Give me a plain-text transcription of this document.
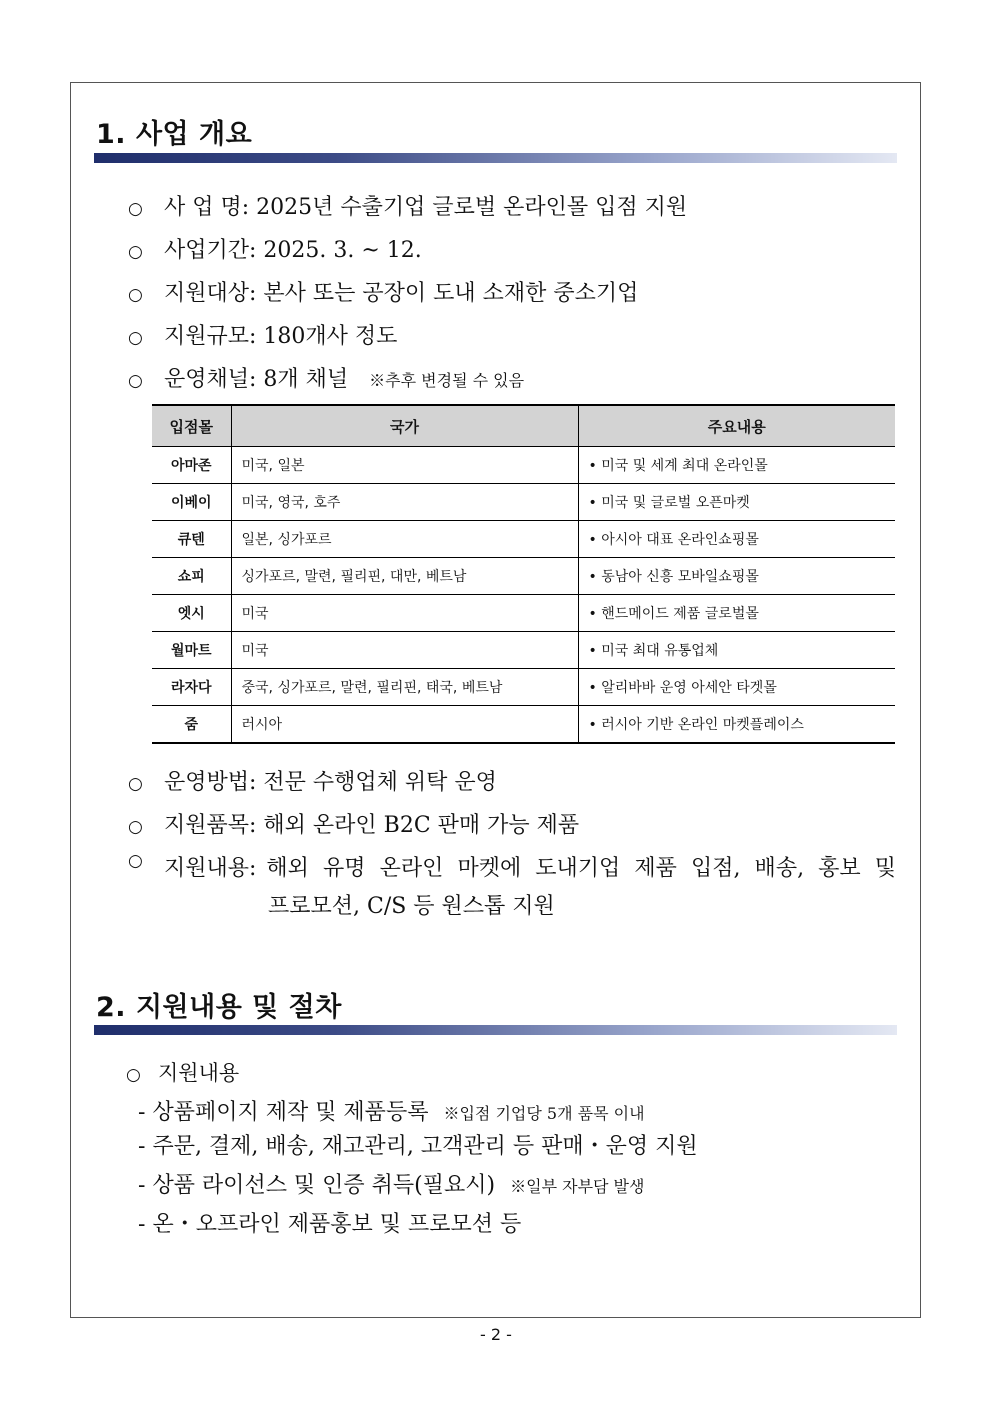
1. 사업 개요
○ 사 업 명: 2025년 수출기업 글로벌 온라인몰 입점 지원
○ 사업기간: 2025. 3. ~ 12.
○ 지원대상: 본사 또는 공장이 도내 소재한 중소기업
○ 지원규모: 180개사 정도
○ 운영채널: 8개 채널 ※추후 변경될 수 있음
입점몰	국가	주요내용
아마존	미국, 일본	• 미국 및 세계 최대 온라인몰
이베이	미국, 영국, 호주	• 미국 및 글로벌 오픈마켓
큐텐	일본, 싱가포르	• 아시아 대표 온라인쇼핑몰
쇼피	싱가포르, 말련, 필리핀, 대만, 베트남	• 동남아 신흥 모바일쇼핑몰
엣시	미국	• 핸드메이드 제품 글로벌몰
월마트	미국	• 미국 최대 유통업체
라자다	중국, 싱가포르, 말련, 필리핀, 태국, 베트남	• 알리바바 운영 아세안 타겟몰
줌	러시아	• 러시아 기반 온라인 마켓플레이스
○ 운영방법: 전문 수행업체 위탁 운영
○ 지원품목: 해외 온라인 B2C 판매 가능 제품
○ 지원내용: 해외 유명 온라인 마켓에 도내기업 제품 입점, 배송, 홍보 및
프로모션, C/S 등 원스톱 지원
2. 지원내용 및 절차
○ 지원내용
- 상품페이지 제작 및 제품등록 ※입점 기업당 5개 품목 이내
- 주문, 결제, 배송, 재고관리, 고객관리 등 판매・운영 지원
- 상품 라이선스 및 인증 취득(필요시) ※일부 자부담 발생
- 온・오프라인 제품홍보 및 프로모션 등
- 2 -
